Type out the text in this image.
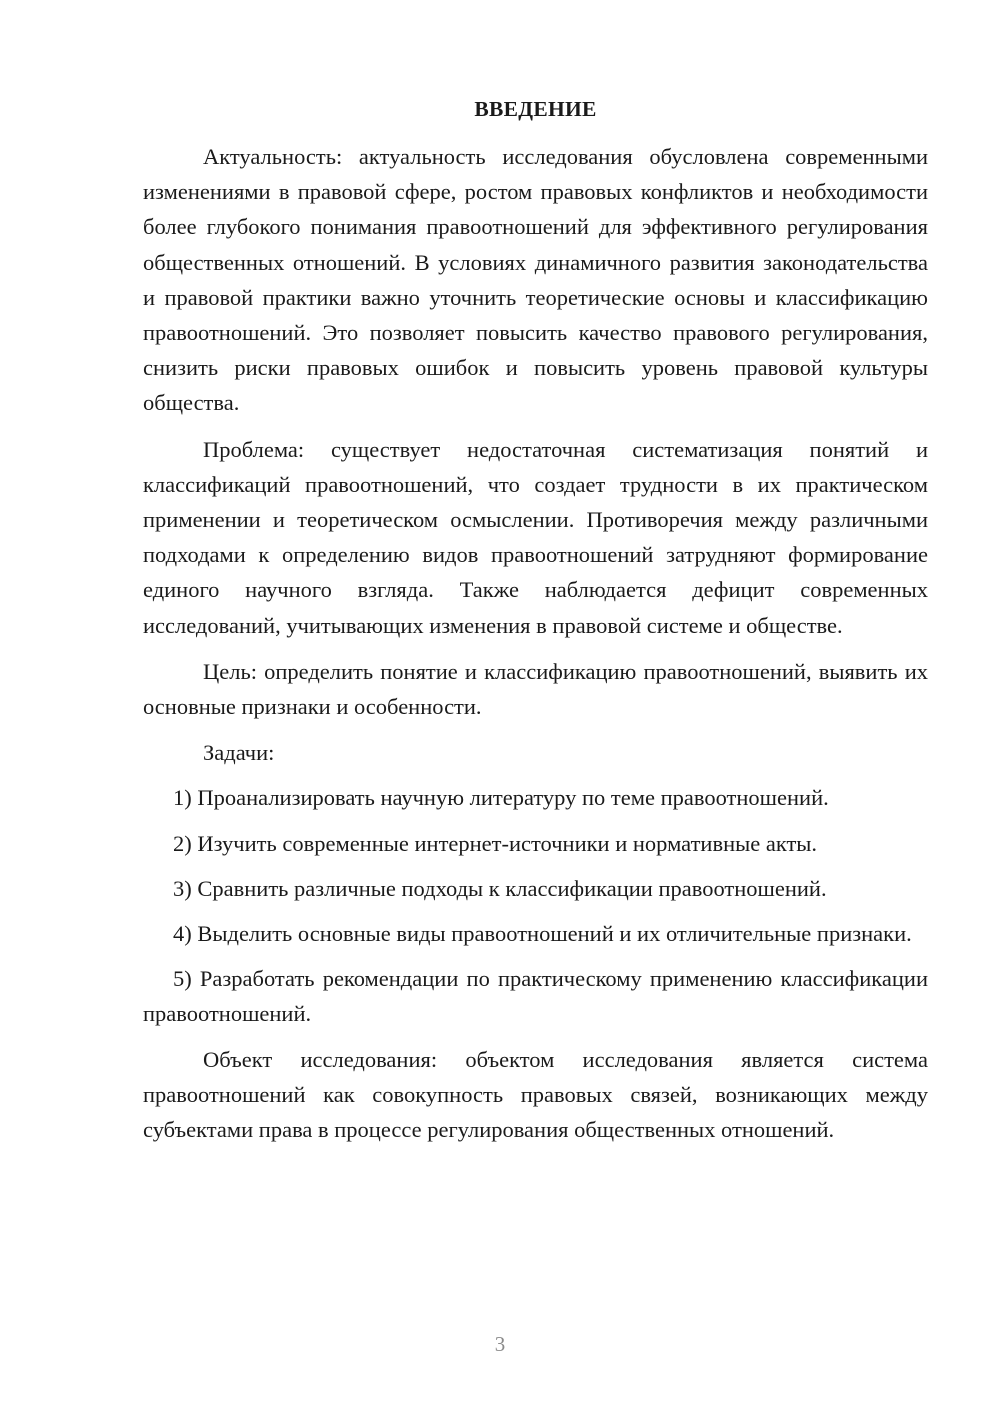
ВВЕДЕНИЕ

Актуальность: актуальность исследования обусловлена современными изменениями в правовой сфере, ростом правовых конфликтов и необходимости более глубокого понимания правоотношений для эффективного регулирования общественных отношений. В условиях динамичного развития законодательства и правовой практики важно уточнить теоретические основы и классификацию правоотношений. Это позволяет повысить качество правового регулирования, снизить риски правовых ошибок и повысить уровень правовой культуры общества.

Проблема: существует недостаточная систематизация понятий и классификаций правоотношений, что создает трудности в их практическом применении и теоретическом осмыслении. Противоречия между различными подходами к определению видов правоотношений затрудняют формирование единого научного взгляда. Также наблюдается дефицит современных исследований, учитывающих изменения в правовой системе и обществе.

Цель: определить понятие и классификацию правоотношений, выявить их основные признаки и особенности.

Задачи:

1) Проанализировать научную литературу по теме правоотношений.

2) Изучить современные интернет-источники и нормативные акты.

3) Сравнить различные подходы к классификации правоотношений.

4) Выделить основные виды правоотношений и их отличительные признаки.

5) Разработать рекомендации по практическому применению классификации правоотношений.

Объект исследования: объектом исследования является система правоотношений как совокупность правовых связей, возникающих между субъектами права в процессе регулирования общественных отношений.

3
